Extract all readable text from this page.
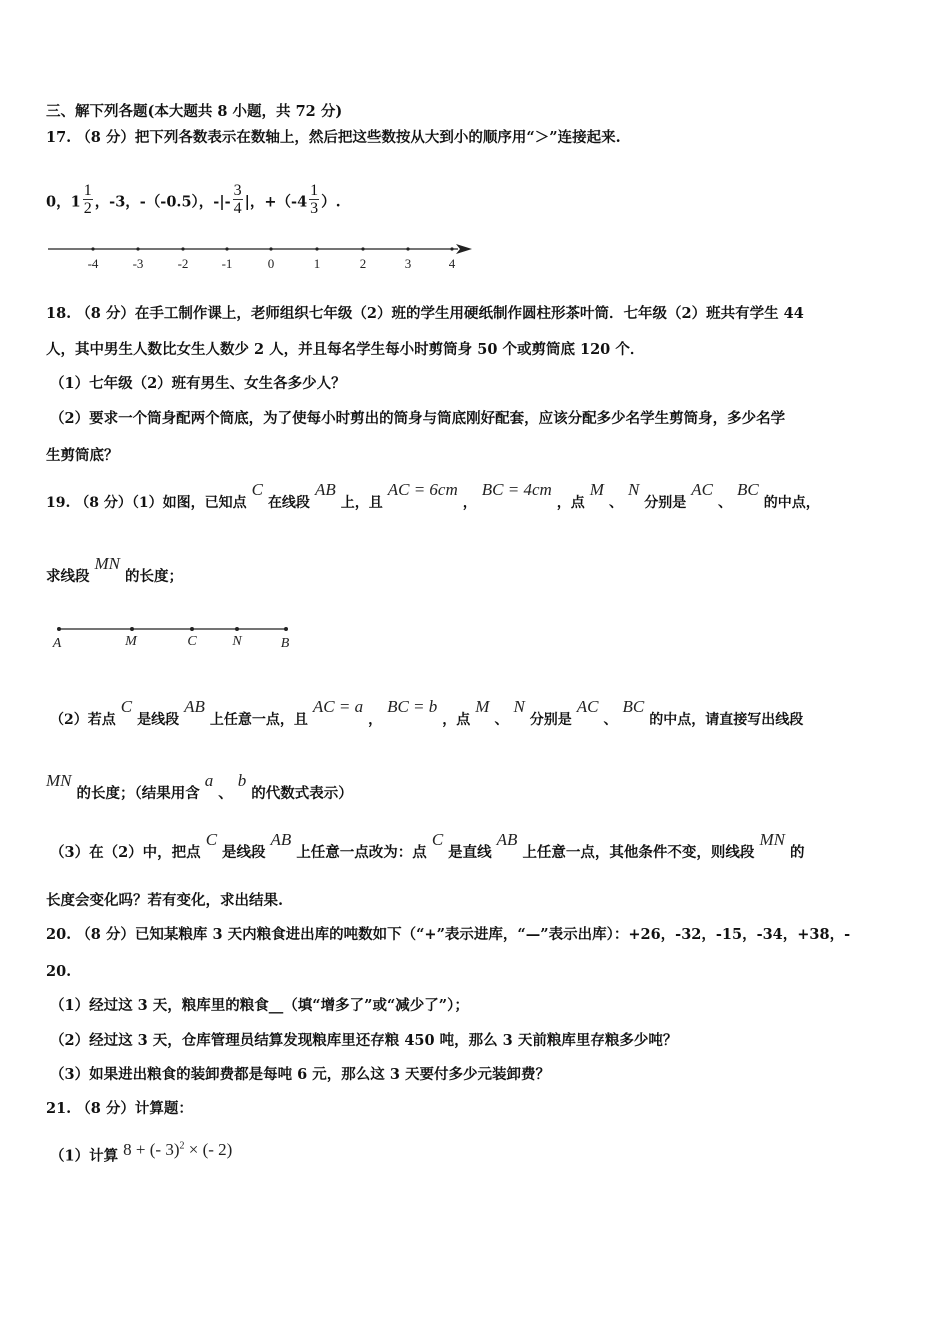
三、解下列各题(本大题共 8 小题，共 72 分)
17. （8 分）把下列各数表示在数轴上，然后把这些数按从大到小的顺序用“＞”连接起来.
0，$1 \frac{1}{2}$ ，-3，-（-0.5），-|- $\frac{3}{4}$ |，$+(-4 \frac{1}{3}$ ）.
-4	-3	-2	-1	0	1	2	3	4
18. （8 分）在手工制作课上，老师组织七年级（2）班的学生用硬纸制作圆柱形茶叶筒．七年级（2）班共有学生 44
人，其中男生人数比女生人数少 2 人，并且每名学生每小时剪筒身 50 个或剪筒底 120 个．
（1）七年级（2）班有男生、女生各多少人？
（2）要求一个筒身配两个筒底，为了使每小时剪出的筒身与筒底刚好配套，应该分配多少名学生剪筒身，多少名学
生剪筒底？
19. （8 分）（1）如图，已知点C在线段AB上，且AC = 6cm，BC = 4cm，点M、N分别是AC、BC的中点，
求线段MN的长度；
A	M	C	N	B
（2）若点C是线段AB上任意一点，且AC = a，BC = b，点M、N分别是AC、BC的中点，请直接写出线段
MN的长度；（结果用含a、b的代数式表示）
（3）在（2）中，把点C是线段AB上任意一点改为：点C是直线AB上任意一点，其他条件不变，则线段MN的
长度会变化吗？若有变化，求出结果.
20. （8 分）已知某粮库 3 天内粮食进出库的吨数如下（“+”表示进库，“—”表示出库）：+26，-32，-15，-34，+38，-
20.
（1）经过这 3 天，粮库里的粮食__（填“增多了”或“减少了”）；
（2）经过这 3 天，仓库管理员结算发现粮库里还存粮 450 吨，那么 3 天前粮库里存粮多少吨？
（3）如果进出粮食的装卸费都是每吨 6 元，那么这 3 天要付多少元装卸费？
21. （8 分）计算题：
（1）计算 8 + (- 3)$^2$ × (- 2)
